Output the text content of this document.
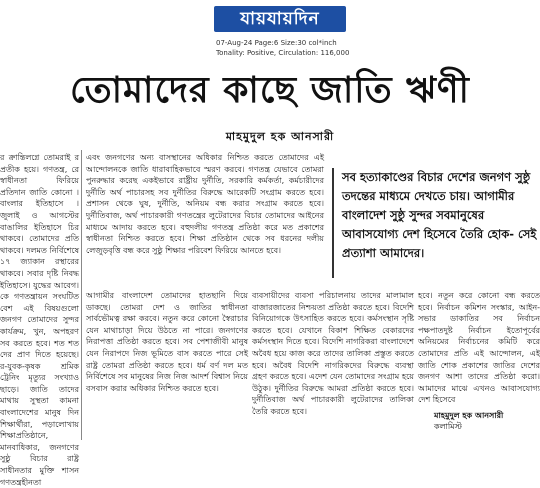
যায়যায়দিন
07-Aug-24 Page:6 Size:30 col*inch
Tonality: Positive, Circulation: 116,000
তোমাদের কাছে জাতি ঋণী
মাহমুদুল হক আনসারী
র ক্রান্তিলগ্নে তোমরাই র প্রতীক হয়ে। গণতন্ত্র, রে স্বাধীনতা ফিরিয়ে প্রতিদান জাতি কোনো । বাংলার ইতিহাসে । জুলাই ও আগস্টের বাঙালির ইতিহাসে চির থাকবে। তোমাদের প্রতি থাকবে। দলমত নির্বিশেষে ১৭ জ্যাকান রস্থারের থাকবে। সবার দৃষ্টি নিবদ্ধ ইতিহাসে। যুদ্ধের আবেগ। কে গণতন্ত্রায়ন সংঘটিত বেশ এই বিষয়গুলো জনগণ তোমাদের সুন্দর কার্যক্রম, খুন, অপহরণ সব করতে হবে। শত শত দের প্রাণ দিতে হয়েছে। র-যুবক-কৃষক শ্রমিক ট্রেনিং মৃত্যুর সংখ্যাও ছাড়ে। জাতি তাদের মাথায় সুস্থতা কামনা বাংলাদেশের মানুষ দিন শিক্ষার্থীরা, পড়ালোখায় শিক্ষাপ্রতিষ্ঠানে, মানবাধিকার, জনগণের সুষ্ঠু বিচার রাষ্ট্র সাধীনতার মুক্তি শাসন গণতন্ত্রহীনতা
এবং জনগণের অন্য বাসস্থানের অধিকার নিশ্চিত করতে তোমাদের এই আন্দোলনকে জাতি ধারাবাহিকভাবে স্মরণ করবে। গণতন্ত্র যেভাবে তোমরা পুনরুদ্ধার করেছ একইভাবে রাষ্ট্রীয় দুর্নীতি, সরকারি কর্মকর্তা, কর্মচারীদের দুর্নীতি অর্থ পাচারসহ সব দুর্নীতির বিরুদ্ধে আরেকটি সংগ্রাম করতে হবে। প্রশাসন থেকে ঘুষ, দুর্নীতি, অনিয়ম বন্ধ করার সংগ্রাম করতে হবে। দুর্নীতিবাজ, অর্থ পাচারকারী গণতন্ত্রের লুটেরাদের বিচার তোমাদের আইনের মাধ্যমে আদায় করতে হবে। বহুদলীয় গণতন্ত্র প্রতিষ্ঠা করে মত প্রকাশের স্বাধীনতা নিশ্চিত করতে হবে। শিক্ষা প্রতিষ্ঠান থেকে সব ধরনের দলীয় লেজুড়বৃত্তি বন্ধ করে সুষ্ঠু শিক্ষার পরিবেশ ফিরিয়ে আনতে হবে।
সব হত্যাকাণ্ডের বিচার দেশের জনগণ সুষ্ঠু তদন্তের মাধ্যমে দেখতে চায়। আগামীর বাংলাদেশ সুষ্ঠু সুন্দর সবমানুষের আবাসযোগ্য দেশ হিসেবে তৈরি হোক- সেই প্রত্যাশা আমাদের।
আগামীর বাংলাদেশ তোমাদের হাতছানি দিয়ে ডাকছে। তোমরা দেশ ও জাতির স্বাধীনতা সার্বভৌমত্ব রক্ষা করবে। নতুন করে কোনো স্বৈরাচার যেন মাথাচাড়া দিয়ে উঠতে না পারে। জনগণের নিরাপত্তা প্রতিষ্ঠা করতে হবে। সব পেশাজীবী মানুষ যেন নিরাপদে নিজ ভূমিতে বাস করতে পারে সেই রাষ্ট্র তোমরা প্রতিষ্ঠা করতে হবে। ধর্ম বর্ণ দল মত নির্বিশেষে সব মানুষের নিজ নিজ আদর্শ বিশ্বাস নিয়ে বসবাস করার অধিকার নিশ্চিত করতে হবে।
ব্যবসায়ীদের ব্যবসা পরিচালনায় তাদের মালামাল বাজারজাতের নিশ্চয়তা প্রতিষ্ঠা করতে হবে। বিদেশি বিনিয়োগকে উৎসাহিত করতে হবে। কর্মসংস্থান সৃষ্টি করতে হবে। যেখানে বিকাশ শিক্ষিত বেকারদের কর্মসংস্থান দিতে হবে। বিদেশি নাগরিকরা বাংলাদেশে অবৈধ হয়ে কাজ করে তাদের তালিকা প্রস্তুত করতে হবে। অবৈধ বিদেশি নাগরিকদের বিরুদ্ধে ব্যবস্থা গ্রহণ করতে হবে। এদেশ যেন তোমাদের সংগ্রাম হয়ে উঠুক। দুর্নীতির বিরুদ্ধে আমরা প্রতিষ্ঠা করতে হবে। দুর্নীতিবাজ অর্থ পাচারকারী লুটেরাদের তালিকা তৈরি করতে হবে।
হবে। নতুন করে কোনো বন্ধ করতে হবে। নির্বাচন কমিশন সংস্কার, আইন-সভার ডাকাতির সব নির্বাচন পক্ষপাতদুষ্ট নির্বাচন ইতোপূর্বের অনিয়মের নির্বাচনের কমিটি করে তোমাদের প্রতি এই আন্দোলন, এই জাতি শোক প্রকাশের জাতির দেশের জনগণ আশা তাদের প্রতিষ্ঠা করো। আমাদের মাঝে এখনও আবাসযোগ্য দেশ হিসেবে
মাহমুদুল হক আনসারী
কলামিস্ট
